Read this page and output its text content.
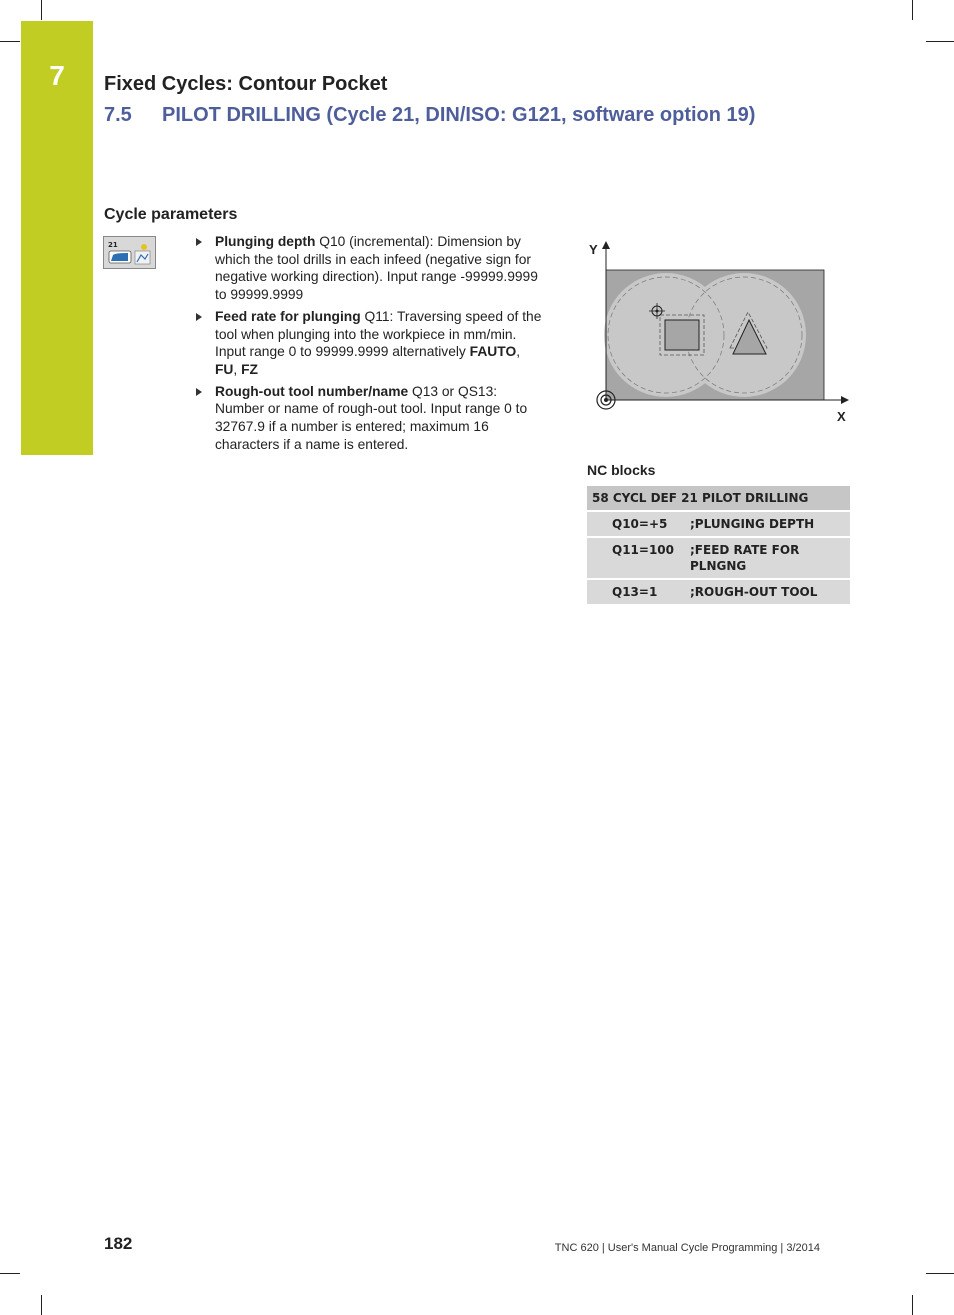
7	Fixed Cycles: Contour Pocket
7.5 PILOT DRILLING (Cycle 21, DIN/ISO: G121, software option 19)
Cycle parameters
21	Plunging depth Q10 (incremental): Dimension by which the tool drills in each infeed (negative sign for negative working direction). Input range -99999.9999 to 99999.9999
Feed rate for plunging Q11: Traversing speed of the tool when plunging into the workpiece in mm/min. Input range 0 to 99999.9999 alternatively FAUTO, FU, FZ
Rough-out tool number/name Q13 or QS13: Number or name of rough-out tool. Input range 0 to 32767.9 if a number is entered; maximum 16 characters if a name is entered.
Y
X
NC blocks
58 CYCL DEF 21 PILOT DRILLING	
Q10=+5	;PLUNGING DEPTH
Q11=100	;FEED RATE FOR PLNGNG
Q13=1	;ROUGH-OUT TOOL
182	TNC 620 | User's Manual Cycle Programming | 3/2014
